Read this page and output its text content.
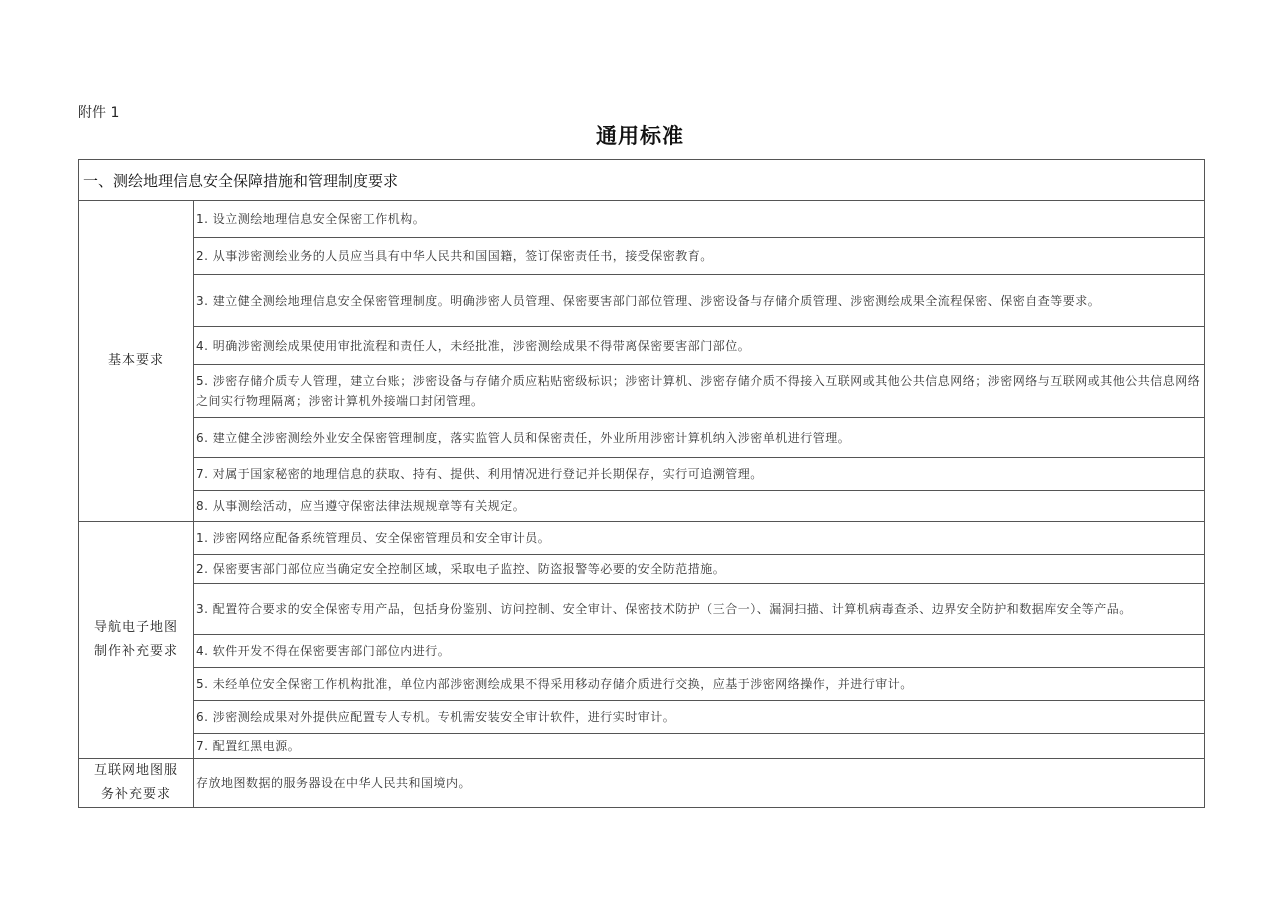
附件 1
通用标准
一、测绘地理信息安全保障措施和管理制度要求	

基本要求	1. 设立测绘地理信息安全保密工作机构。
	2. 从事涉密测绘业务的人员应当具有中华人民共和国国籍，签订保密责任书，接受保密教育。
	3. 建立健全测绘地理信息安全保密管理制度。明确涉密人员管理、保密要害部门部位管理、涉密设备与存储介质管理、涉密测绘成果全流程保密、保密自查等要求。
	4. 明确涉密测绘成果使用审批流程和责任人，未经批准，涉密测绘成果不得带离保密要害部门部位。
	5. 涉密存储介质专人管理，建立台账；涉密设备与存储介质应粘贴密级标识；涉密计算机、涉密存储介质不得接入互联网或其他公共信息网络；涉密网络与互联网或其他公共信息网络之间实行物理隔离；涉密计算机外接端口封闭管理。
	6. 建立健全涉密测绘外业安全保密管理制度，落实监管人员和保密责任，外业所用涉密计算机纳入涉密单机进行管理。
	7. 对属于国家秘密的地理信息的获取、持有、提供、利用情况进行登记并长期保存，实行可追溯管理。
	8. 从事测绘活动，应当遵守保密法律法规规章等有关规定。

导航电子地图制作补充要求	1. 涉密网络应配备系统管理员、安全保密管理员和安全审计员。
	2. 保密要害部门部位应当确定安全控制区域，采取电子监控、防盗报警等必要的安全防范措施。
	3. 配置符合要求的安全保密专用产品，包括身份鉴别、访问控制、安全审计、保密技术防护（三合一）、漏洞扫描、计算机病毒查杀、边界安全防护和数据库安全等产品。
	4. 软件开发不得在保密要害部门部位内进行。
	5. 未经单位安全保密工作机构批准，单位内部涉密测绘成果不得采用移动存储介质进行交换，应基于涉密网络操作，并进行审计。
	6. 涉密测绘成果对外提供应配置专人专机。专机需安装安全审计软件，进行实时审计。
	7. 配置红黑电源。

互联网地图服务补充要求	存放地图数据的服务器设在中华人民共和国境内。
